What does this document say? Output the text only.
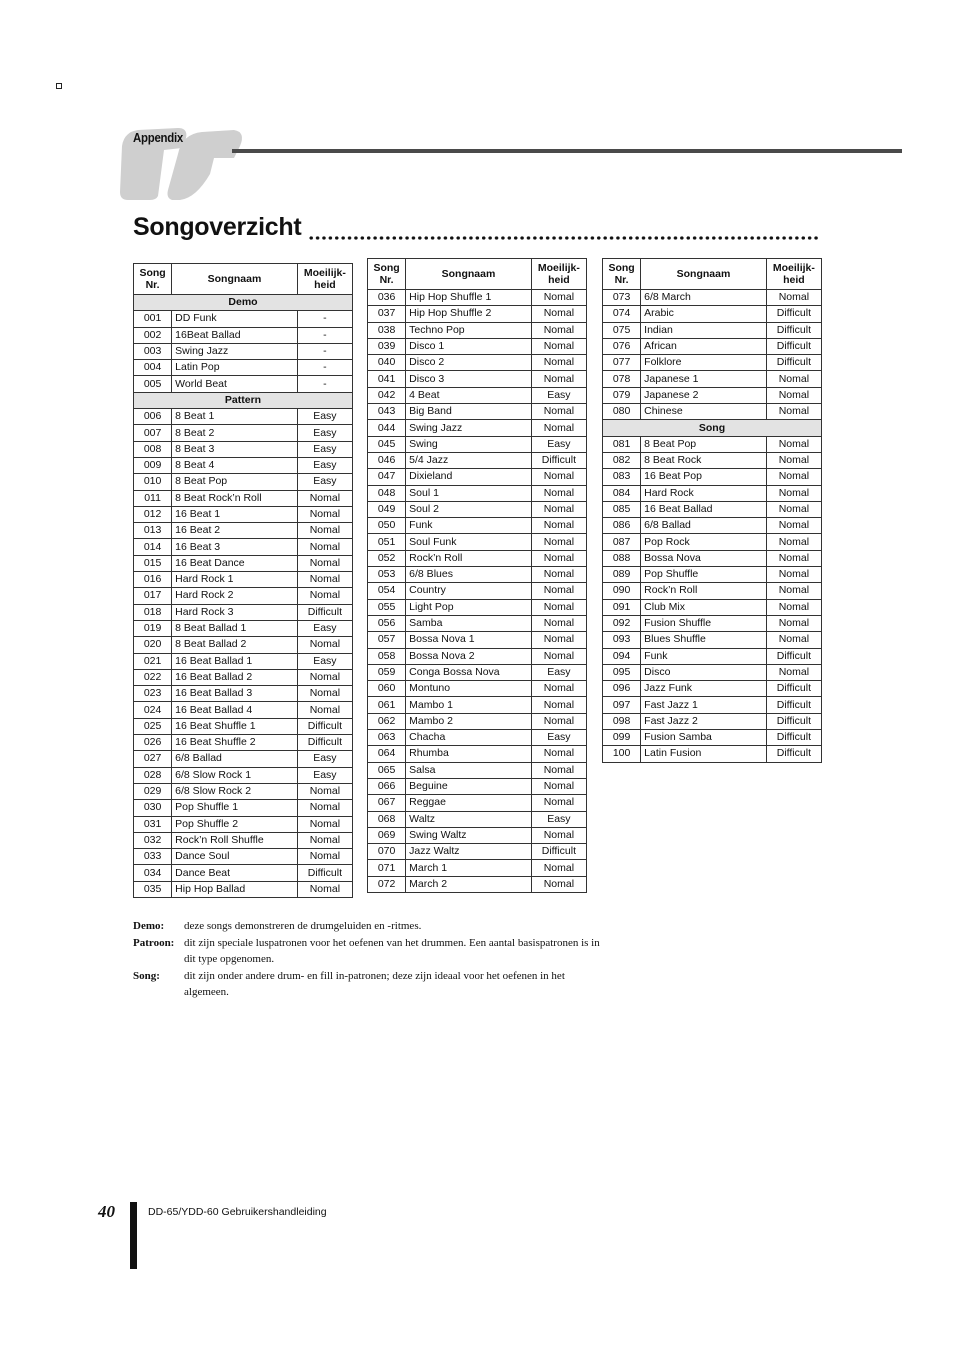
Appendix
Songoverzicht
Song Nr.	Songnaam	Moeilijk-heid
Demo		
001	DD Funk	-
002	16Beat Ballad	-
003	Swing Jazz	-
004	Latin Pop	-
005	World Beat	-
Pattern		
006	8 Beat 1	Easy
007	8 Beat 2	Easy
008	8 Beat 3	Easy
009	8 Beat 4	Easy
010	8 Beat Pop	Easy
011	8 Beat Rock’n Roll	Nomal
012	16 Beat 1	Nomal
013	16 Beat 2	Nomal
014	16 Beat 3	Nomal
015	16 Beat Dance	Nomal
016	Hard Rock 1	Nomal
017	Hard Rock 2	Nomal
018	Hard Rock 3	Difficult
019	8 Beat Ballad 1	Easy
020	8 Beat Ballad 2	Nomal
021	16 Beat Ballad 1	Easy
022	16 Beat Ballad 2	Nomal
023	16 Beat Ballad 3	Nomal
024	16 Beat Ballad 4	Nomal
025	16 Beat Shuffle 1	Difficult
026	16 Beat Shuffle 2	Difficult
027	6/8 Ballad	Easy
028	6/8 Slow Rock 1	Easy
029	6/8 Slow Rock 2	Nomal
030	Pop Shuffle 1	Nomal
031	Pop Shuffle 2	Nomal
032	Rock’n Roll Shuffle	Nomal
033	Dance Soul	Nomal
034	Dance Beat	Difficult
035	Hip Hop Ballad	Nomal
Song Nr.	Songnaam	Moeilijk-heid
036	Hip Hop Shuffle 1	Nomal
037	Hip Hop Shuffle 2	Nomal
038	Techno Pop	Nomal
039	Disco 1	Nomal
040	Disco 2	Nomal
041	Disco 3	Nomal
042	4 Beat	Easy
043	Big Band	Nomal
044	Swing Jazz	Nomal
045	Swing	Easy
046	5/4 Jazz	Difficult
047	Dixieland	Nomal
048	Soul 1	Nomal
049	Soul 2	Nomal
050	Funk	Nomal
051	Soul Funk	Nomal
052	Rock’n Roll	Nomal
053	6/8 Blues	Nomal
054	Country	Nomal
055	Light Pop	Nomal
056	Samba	Nomal
057	Bossa Nova 1	Nomal
058	Bossa Nova 2	Nomal
059	Conga Bossa Nova	Easy
060	Montuno	Nomal
061	Mambo 1	Nomal
062	Mambo 2	Nomal
063	Chacha	Easy
064	Rhumba	Nomal
065	Salsa	Nomal
066	Beguine	Nomal
067	Reggae	Nomal
068	Waltz	Easy
069	Swing Waltz	Nomal
070	Jazz Waltz	Difficult
071	March 1	Nomal
072	March 2	Nomal
Song Nr.	Songnaam	Moeilijk-heid
073	6/8 March	Nomal
074	Arabic	Difficult
075	Indian	Difficult
076	African	Difficult
077	Folklore	Difficult
078	Japanese 1	Nomal
079	Japanese 2	Nomal
080	Chinese	Nomal
Song		
081	8 Beat Pop	Nomal
082	8 Beat Rock	Nomal
083	16 Beat Pop	Nomal
084	Hard Rock	Nomal
085	16 Beat Ballad	Nomal
086	6/8 Ballad	Nomal
087	Pop Rock	Nomal
088	Bossa Nova	Nomal
089	Pop Shuffle	Nomal
090	Rock’n Roll	Nomal
091	Club Mix	Nomal
092	Fusion Shuffle	Nomal
093	Blues Shuffle	Nomal
094	Funk	Difficult
095	Disco	Nomal
096	Jazz Funk	Difficult
097	Fast Jazz 1	Difficult
098	Fast Jazz 2	Difficult
099	Fusion Samba	Difficult
100	Latin Fusion	Difficult
Demo:	deze songs demonstreren de drumgeluiden en -ritmes.
Patroon: dit zijn speciale luspatronen voor het oefenen van het drummen. Een aantal basispatronen is in dit type opgenomen.
Song:	dit zijn onder andere drum- en fill in-patronen; deze zijn ideaal voor het oefenen in het algemeen.
40	DD-65/YDD-60 Gebruikershandleiding
